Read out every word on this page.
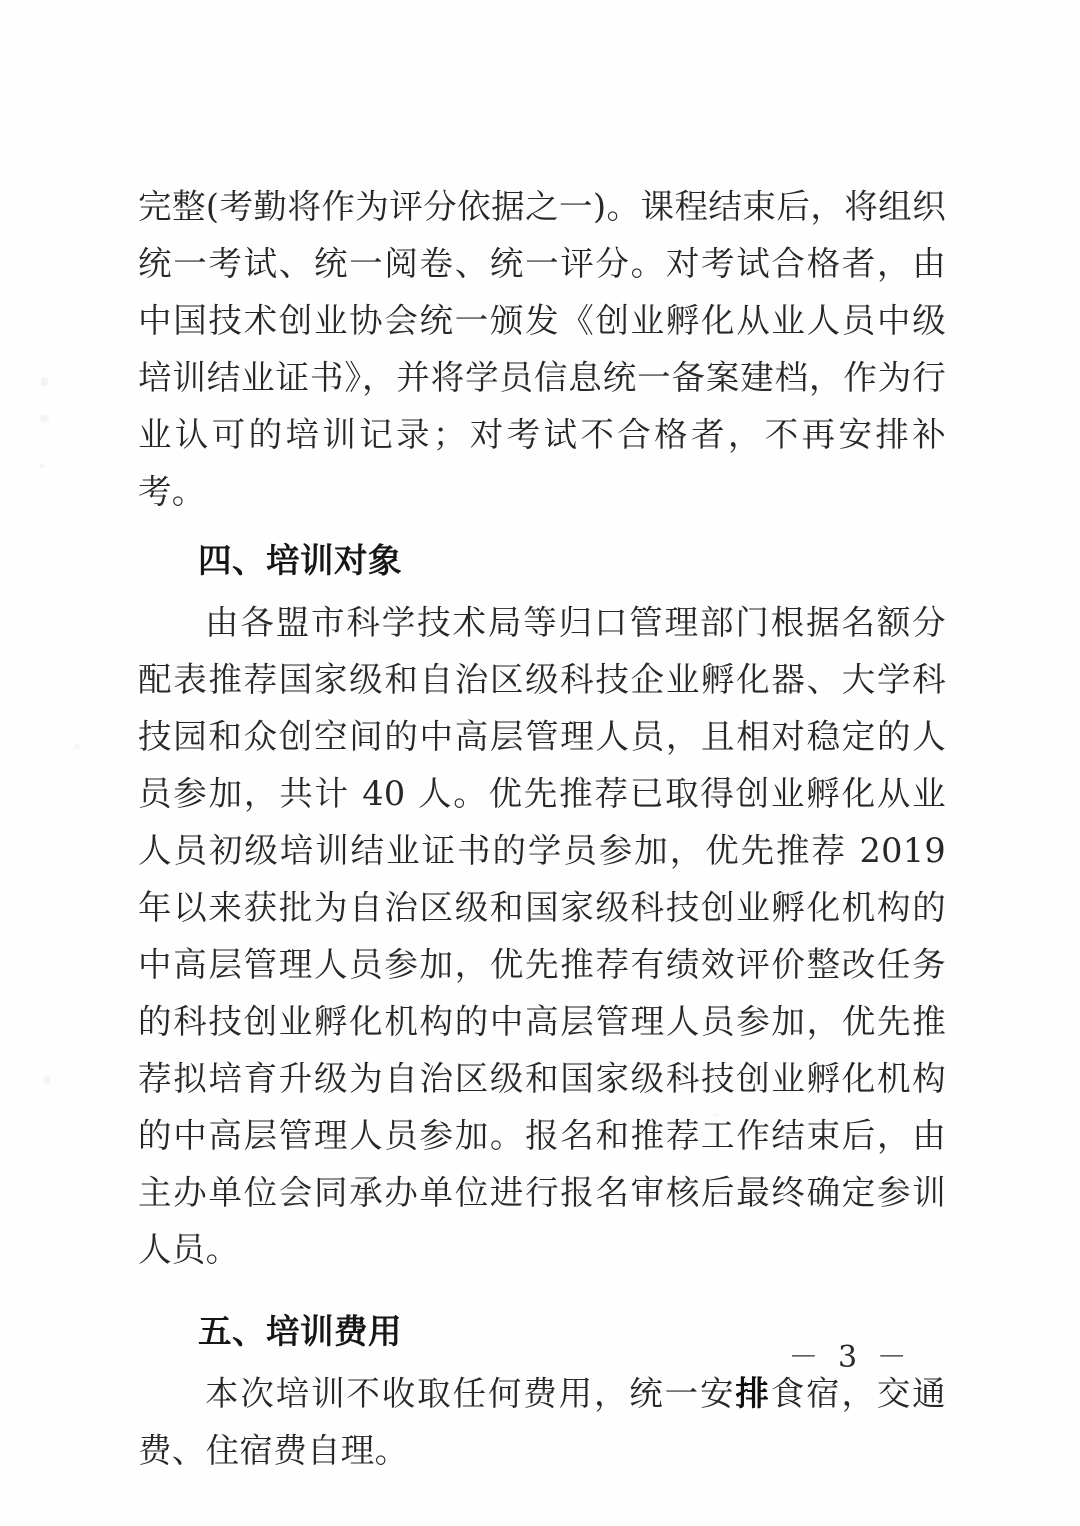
完整(考勤将作为评分依据之一)。课程结束后，将组织统一考试、统一阅卷、统一评分。对考试合格者，由中国技术创业协会统一颁发《创业孵化从业人员中级培训结业证书》，并将学员信息统一备案建档，作为行业认可的培训记录；对考试不合格者，不再安排补考。

四、培训对象

由各盟市科学技术局等归口管理部门根据名额分配表推荐国家级和自治区级科技企业孵化器、大学科技园和众创空间的中高层管理人员，且相对稳定的人员参加，共计 40 人。优先推荐已取得创业孵化从业人员初级培训结业证书的学员参加，优先推荐 2019 年以来获批为自治区级和国家级科技创业孵化机构的中高层管理人员参加，优先推荐有绩效评价整改任务的科技创业孵化机构的中高层管理人员参加，优先推荐拟培育升级为自治区级和国家级科技创业孵化机构的中高层管理人员参加。报名和推荐工作结束后，由主办单位会同承办单位进行报名审核后最终确定参训人员。

五、培训费用

本次培训不收取任何费用，统一安排食宿，交通费、住宿费自理。

－ 3 －
